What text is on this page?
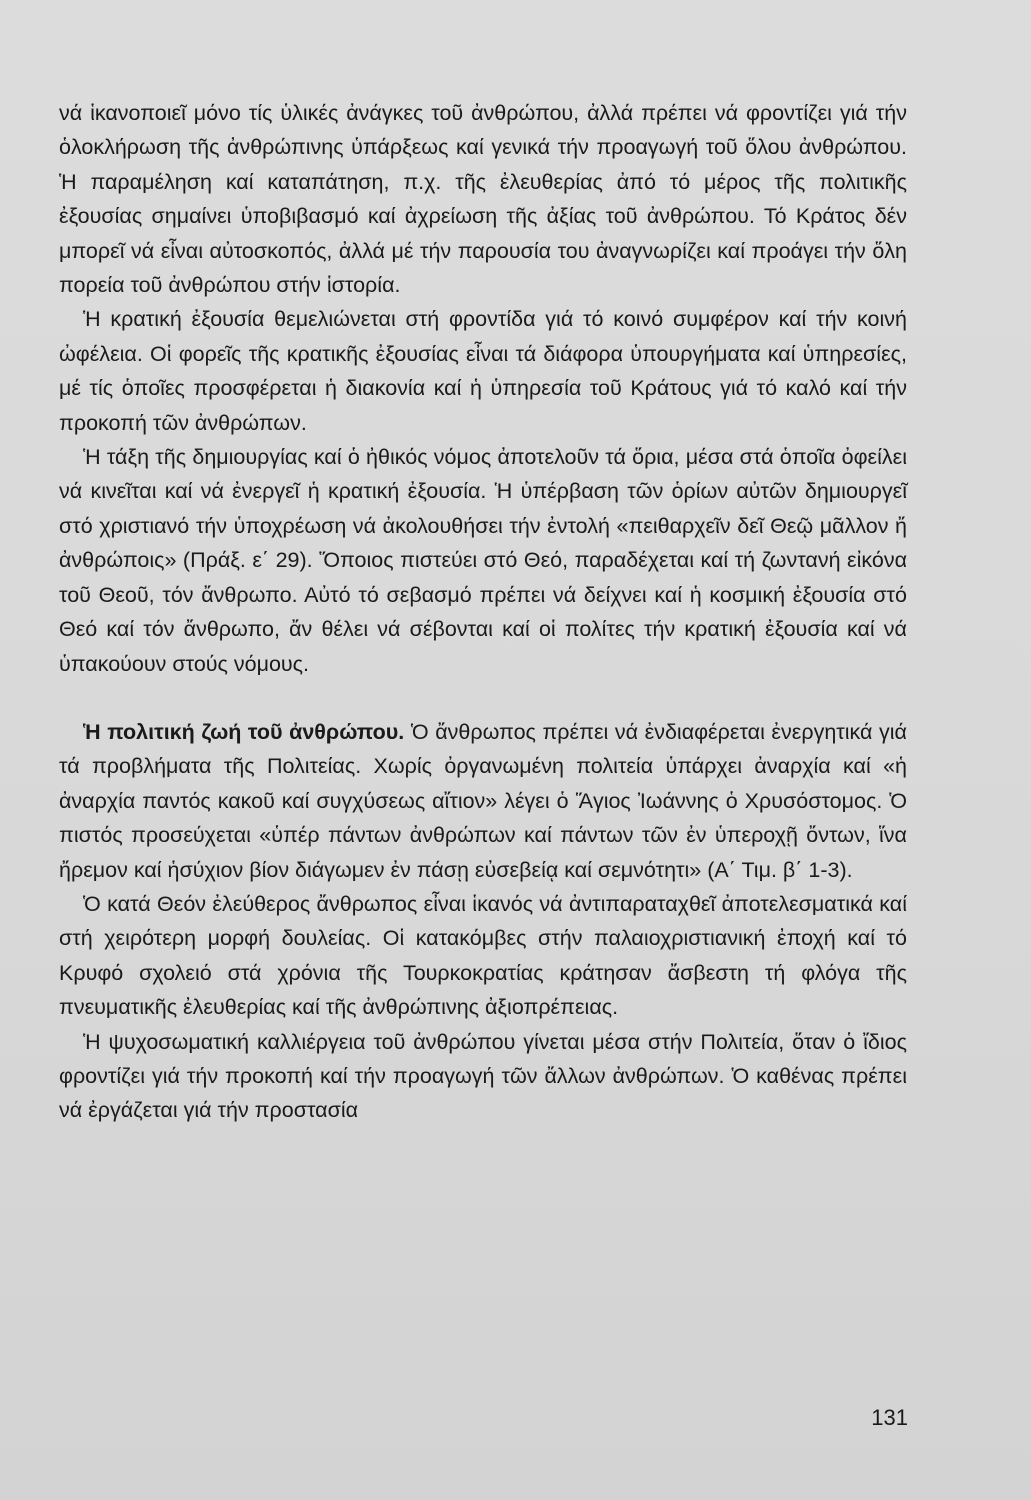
νά ἱκανοποιεῖ μόνο τίς ὑλικές ἀνάγκες τοῦ ἀνθρώπου, ἀλλά πρέπει νά φροντίζει γιά τήν ὁλοκλήρωση τῆς ἀνθρώπινης ὑπάρξεως καί γενικά τήν προαγωγή τοῦ ὅλου ἀνθρώπου. Ἡ παραμέληση καί καταπάτηση, π.χ. τῆς ἐλευθερίας ἀπό τό μέρος τῆς πολιτικῆς ἐξουσίας σημαίνει ὑποβιβασμό καί ἀχρείωση τῆς ἀξίας τοῦ ἀνθρώπου. Τό Κράτος δέν μπορεῖ νά εἶναι αὐτοσκοπός, ἀλλά μέ τήν παρουσία του ἀναγνωρίζει καί προάγει τήν ὅλη πορεία τοῦ ἀνθρώπου στήν ἱστορία.

Ἡ κρατική ἐξουσία θεμελιώνεται στή φροντίδα γιά τό κοινό συμφέρον καί τήν κοινή ὠφέλεια. Οἱ φορεῖς τῆς κρατικῆς ἐξουσίας εἶναι τά διάφορα ὑπουργήματα καί ὑπηρεσίες, μέ τίς ὁποῖες προσφέρεται ἡ διακονία καί ἡ ὑπηρεσία τοῦ Κράτους γιά τό καλό καί τήν προκοπή τῶν ἀνθρώπων.

Ἡ τάξη τῆς δημιουργίας καί ὁ ἠθικός νόμος ἀποτελοῦν τά ὅρια, μέσα στά ὁποῖα ὀφείλει νά κινεῖται καί νά ἐνεργεῖ ἡ κρατική ἐξουσία. Ἡ ὑπέρβαση τῶν ὁρίων αὐτῶν δημιουργεῖ στό χριστιανό τήν ὑποχρέωση νά ἀκολουθήσει τήν ἐντολή «πειθαρχεῖν δεῖ Θεῷ μᾶλλον ἤ ἀνθρώποις» (Πράξ. ε΄ 29). Ὅποιος πιστεύει στό Θεό, παραδέχεται καί τή ζωντανή εἰκόνα τοῦ Θεοῦ, τόν ἄνθρωπο. Αὐτό τό σεβασμό πρέπει νά δείχνει καί ἡ κοσμική ἐξουσία στό Θεό καί τόν ἄνθρωπο, ἄν θέλει νά σέβονται καί οἱ πολίτες τήν κρατική ἐξουσία καί νά ὑπακούουν στούς νόμους.

Ἡ πολιτική ζωή τοῦ ἀνθρώπου. Ὁ ἄνθρωπος πρέπει νά ἐνδιαφέρεται ἐνεργητικά γιά τά προβλήματα τῆς Πολιτείας. Χωρίς ὀργανωμένη πολιτεία ὑπάρχει ἀναρχία καί «ἡ ἀναρχία παντός κακοῦ καί συγχύσεως αἴτιον» λέγει ὁ Ἅγιος Ἰωάννης ὁ Χρυσόστομος. Ὁ πιστός προσεύχεται «ὑπέρ πάντων ἀνθρώπων καί πάντων τῶν ἐν ὑπεροχῇ ὄντων, ἵνα ἤρεμον καί ἡσύχιον βίον διάγωμεν ἐν πάσῃ εὐσεβείᾳ καί σεμνότητι» (Α΄ Τιμ. β΄ 1-3).

Ὁ κατά Θεόν ἐλεύθερος ἄνθρωπος εἶναι ἱκανός νά ἀντιπαραταχθεῖ ἀποτελεσματικά καί στή χειρότερη μορφή δουλείας. Οἱ κατακόμβες στήν παλαιοχριστιανική ἐποχή καί τό Κρυφό σχολειό στά χρόνια τῆς Τουρκοκρατίας κράτησαν ἄσβεστη τή φλόγα τῆς πνευματικῆς ἐλευθερίας καί τῆς ἀνθρώπινης ἀξιοπρέπειας.

Ἡ ψυχοσωματική καλλιέργεια τοῦ ἀνθρώπου γίνεται μέσα στήν Πολιτεία, ὅταν ὁ ἴδιος φροντίζει γιά τήν προκοπή καί τήν προαγωγή τῶν ἄλλων ἀνθρώπων. Ὁ καθένας πρέπει νά ἐργάζεται γιά τήν προστασία

131
